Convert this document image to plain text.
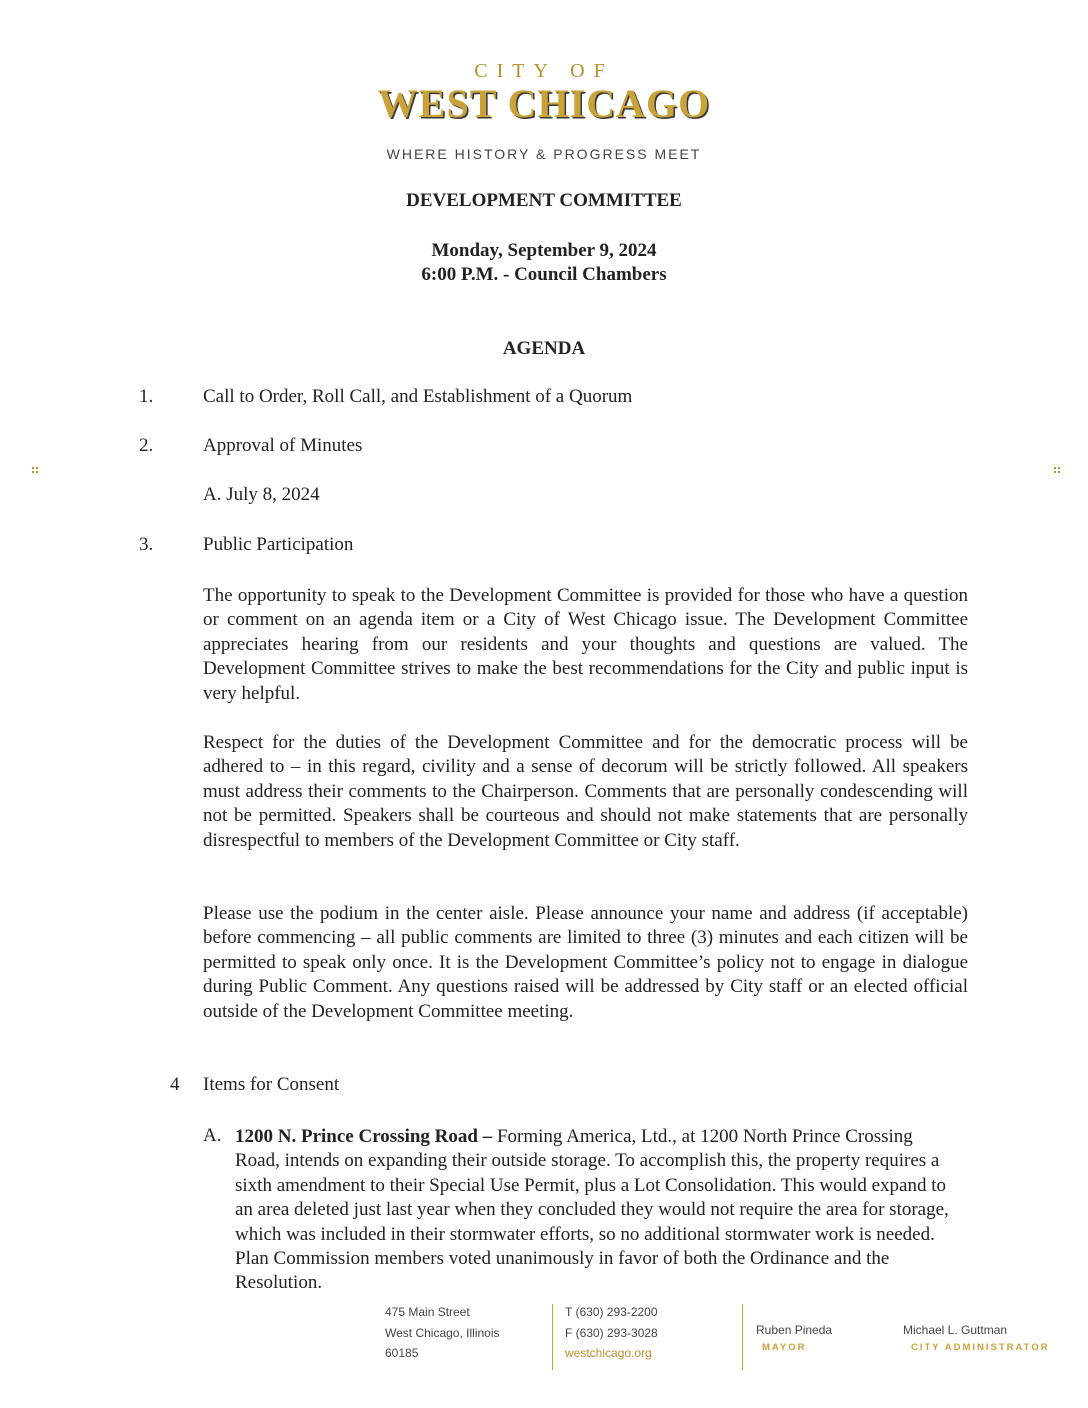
CITY OF
WEST CHICAGO
WHERE HISTORY & PROGRESS MEET
DEVELOPMENT COMMITTEE
Monday, September 9, 2024
6:00 P.M. - Council Chambers
AGENDA
1.	Call to Order, Roll Call, and Establishment of a Quorum
2.	Approval of Minutes
A. July 8, 2024
3.	Public Participation
The opportunity to speak to the Development Committee is provided for those who have a question or comment on an agenda item or a City of West Chicago issue. The Development Committee appreciates hearing from our residents and your thoughts and questions are valued. The Development Committee strives to make the best recommendations for the City and public input is very helpful.
Respect for the duties of the Development Committee and for the democratic process will be adhered to – in this regard, civility and a sense of decorum will be strictly followed. All speakers must address their comments to the Chairperson. Comments that are personally condescending will not be permitted. Speakers shall be courteous and should not make statements that are personally disrespectful to members of the Development Committee or City staff.
Please use the podium in the center aisle. Please announce your name and address (if acceptable) before commencing – all public comments are limited to three (3) minutes and each citizen will be permitted to speak only once. It is the Development Committee’s policy not to engage in dialogue during Public Comment. Any questions raised will be addressed by City staff or an elected official outside of the Development Committee meeting.
4 Items for Consent
A. 1200 N. Prince Crossing Road – Forming America, Ltd., at 1200 North Prince Crossing Road, intends on expanding their outside storage. To accomplish this, the property requires a sixth amendment to their Special Use Permit, plus a Lot Consolidation. This would expand to an area deleted just last year when they concluded they would not require the area for storage, which was included in their stormwater efforts, so no additional stormwater work is needed. Plan Commission members voted unanimously in favor of both the Ordinance and the Resolution.
475 Main Street
West Chicago, Illinois
60185
T (630) 293-2200
F (630) 293-3028
westchicago.org
Ruben Pineda
MAYOR
Michael L. Guttman
CITY ADMINISTRATOR
